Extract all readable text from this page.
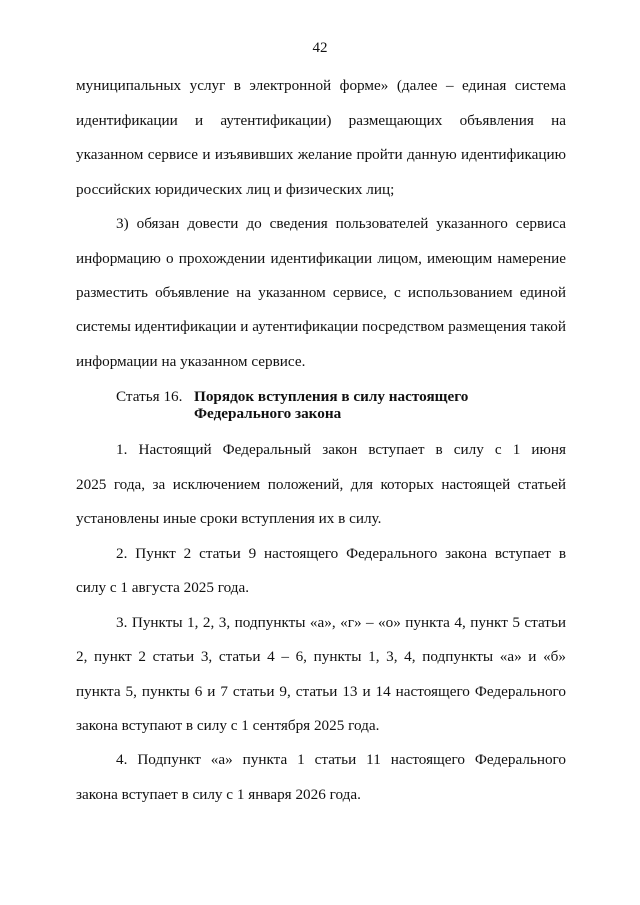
42
муниципальных услуг в электронной форме» (далее – единая система
идентификации и аутентификации) размещающих объявления на
указанном сервисе и изъявивших желание пройти данную идентификацию
российских юридических лиц и физических лиц;
3) обязан довести до сведения пользователей указанного сервиса
информацию о прохождении идентификации лицом, имеющим намерение
разместить объявление на указанном сервисе, с использованием единой
системы идентификации и аутентификации посредством размещения такой
информации на указанном сервисе.
Статья 16. Порядок вступления в силу настоящего
Федерального закона
1. Настоящий Федеральный закон вступает в силу с 1 июня
2025 года, за исключением положений, для которых настоящей статьей
установлены иные сроки вступления их в силу.
2. Пункт 2 статьи 9 настоящего Федерального закона вступает в
силу с 1 августа 2025 года.
3. Пункты 1, 2, 3, подпункты «а», «г» – «о» пункта 4, пункт 5 статьи
2, пункт 2 статьи 3, статьи 4 – 6, пункты 1, 3, 4, подпункты «а» и «б»
пункта 5, пункты 6 и 7 статьи 9, статьи 13 и 14 настоящего Федерального
закона вступают в силу с 1 сентября 2025 года.
4. Подпункт «а» пункта 1 статьи 11 настоящего Федерального
закона вступает в силу с 1 января 2026 года.
